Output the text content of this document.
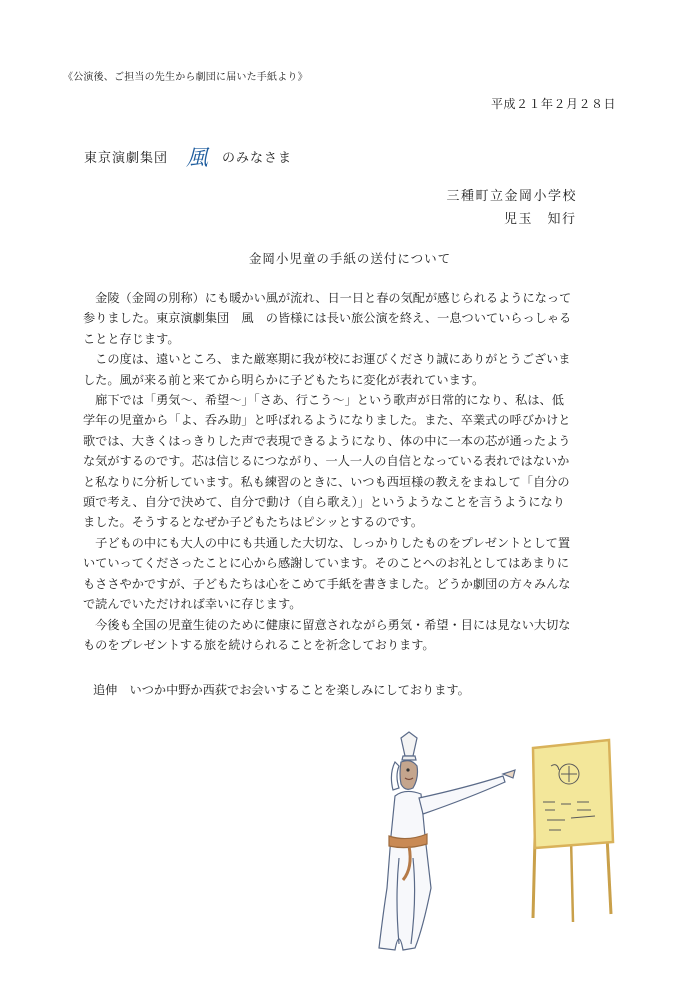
《公演後、ご担当の先生から劇団に届いた手紙より》
平成２１年２月２８日
東京演劇集団 風 のみなさま
三種町立金岡小学校
児玉　知行
金岡小児童の手紙の送付について

　金陵（金岡の別称）にも暖かい風が流れ、日一日と春の気配が感じられるようになって
参りました。東京演劇集団　風　の皆様には長い旅公演を終え、一息ついていらっしゃる
ことと存じます。

　この度は、遠いところ、また厳寒期に我が校にお運びくださり誠にありがとうございま
した。風が来る前と来てから明らかに子どもたちに変化が表れています。

　廊下では「勇気～、希望～」「さあ、行こう～」という歌声が日常的になり、私は、低
学年の児童から「よ、呑み助」と呼ばれるようになりました。また、卒業式の呼びかけと
歌では、大きくはっきりした声で表現できるようになり、体の中に一本の芯が通ったよう
な気がするのです。芯は信じるにつながり、一人一人の自信となっている表れではないか
と私なりに分析しています。私も練習のときに、いつも西垣様の教えをまねして「自分の
頭で考え、自分で決めて、自分で動け（自ら歌え）」というようなことを言うようになり
ました。そうするとなぜか子どもたちはピシッとするのです。

　子どもの中にも大人の中にも共通した大切な、しっかりしたものをプレゼントとして置
いていってくださったことに心から感謝しています。そのことへのお礼としてはあまりに
もささやかですが、子どもたちは心をこめて手紙を書きました。どうか劇団の方々みんな
で読んでいただければ幸いに存じます。

　今後も全国の児童生徒のために健康に留意されながら勇気・希望・目には見ない大切な
ものをプレゼントする旅を続けられることを祈念しております。

追伸　いつか中野か西荻でお会いすることを楽しみにしております。
